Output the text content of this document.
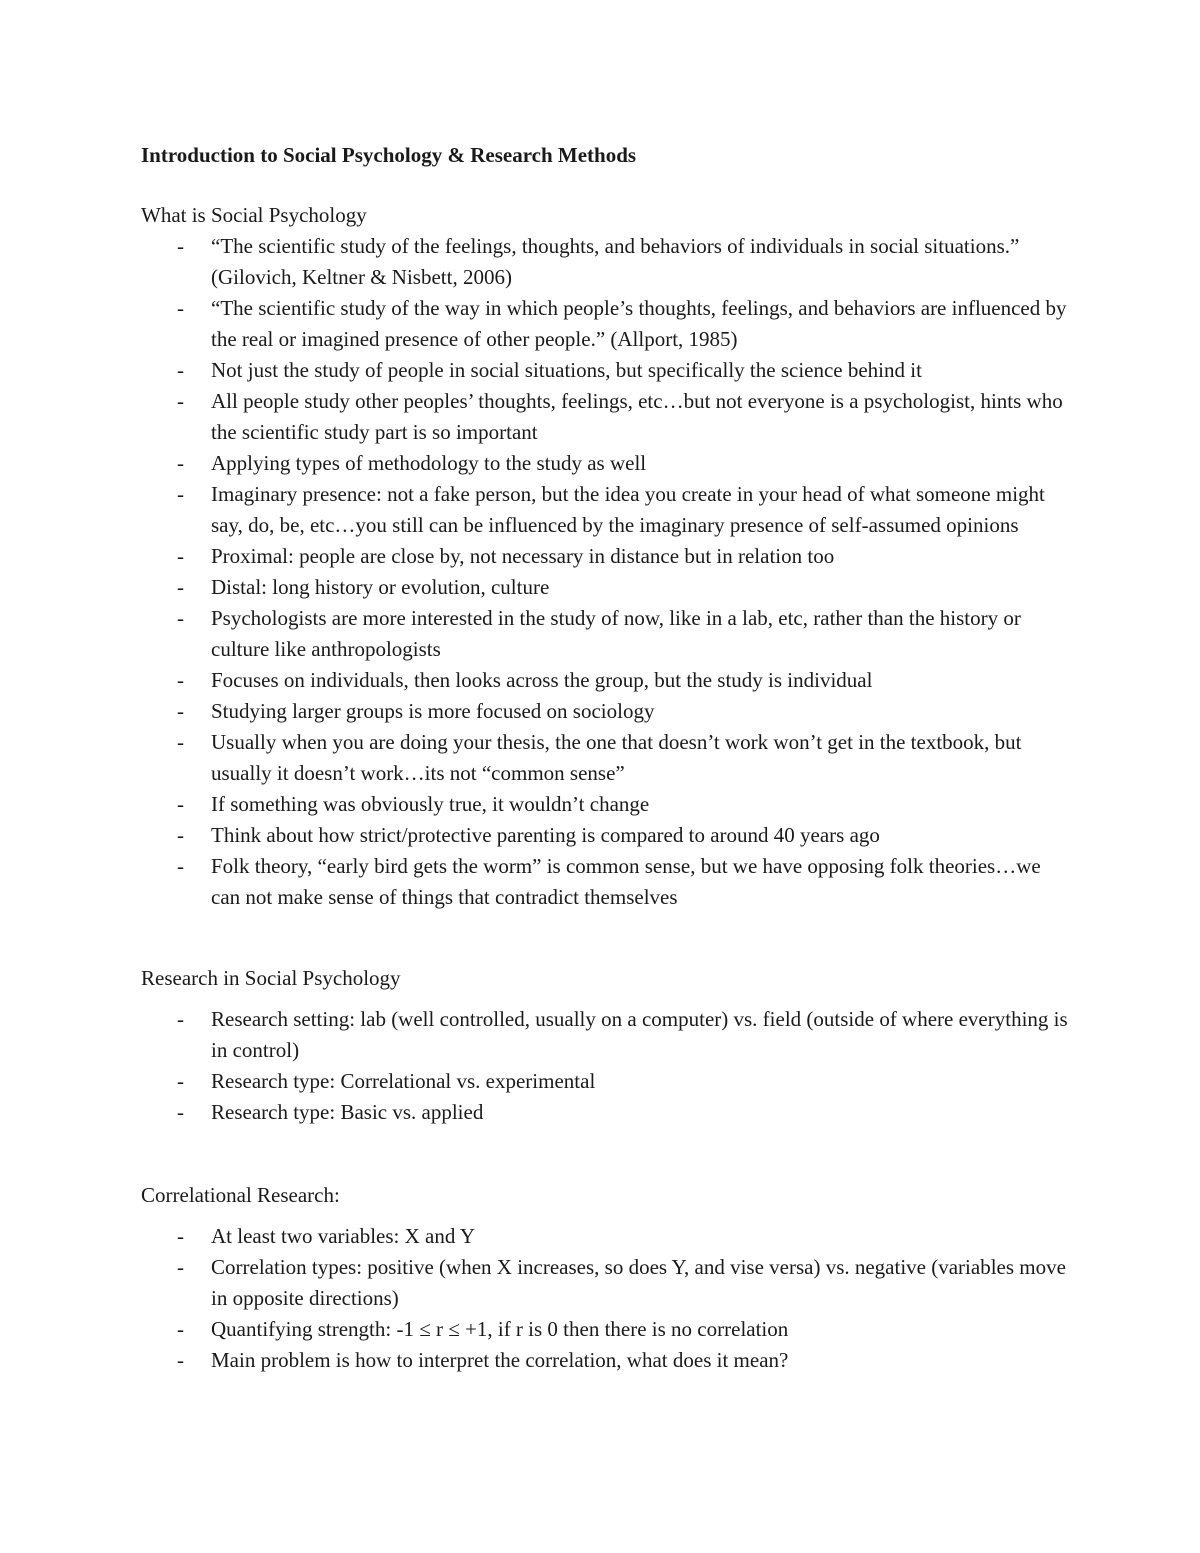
Introduction to Social Psychology & Research Methods
What is Social Psychology
- “The scientific study of the feelings, thoughts, and behaviors of individuals in social situations.” (Gilovich, Keltner & Nisbett, 2006)
- “The scientific study of the way in which people’s thoughts, feelings, and behaviors are influenced by the real or imagined presence of other people.” (Allport, 1985)
- Not just the study of people in social situations, but specifically the science behind it
- All people study other peoples’ thoughts, feelings, etc…but not everyone is a psychologist, hints who the scientific study part is so important
- Applying types of methodology to the study as well
- Imaginary presence: not a fake person, but the idea you create in your head of what someone might say, do, be, etc…you still can be influenced by the imaginary presence of self-assumed opinions
- Proximal: people are close by, not necessary in distance but in relation too
- Distal: long history or evolution, culture
- Psychologists are more interested in the study of now, like in a lab, etc, rather than the history or culture like anthropologists
- Focuses on individuals, then looks across the group, but the study is individual
- Studying larger groups is more focused on sociology
- Usually when you are doing your thesis, the one that doesn’t work won’t get in the textbook, but usually it doesn’t work…its not “common sense”
- If something was obviously true, it wouldn’t change
- Think about how strict/protective parenting is compared to around 40 years ago
- Folk theory, “early bird gets the worm” is common sense, but we have opposing folk theories…we can not make sense of things that contradict themselves
Research in Social Psychology
- Research setting: lab (well controlled, usually on a computer) vs. field (outside of where everything is in control)
- Research type: Correlational vs. experimental
- Research type: Basic vs. applied
Correlational Research:
- At least two variables: X and Y
- Correlation types: positive (when X increases, so does Y, and vise versa) vs. negative (variables move in opposite directions)
- Quantifying strength: -1 ≤ r ≤ +1, if r is 0 then there is no correlation
- Main problem is how to interpret the correlation, what does it mean?
